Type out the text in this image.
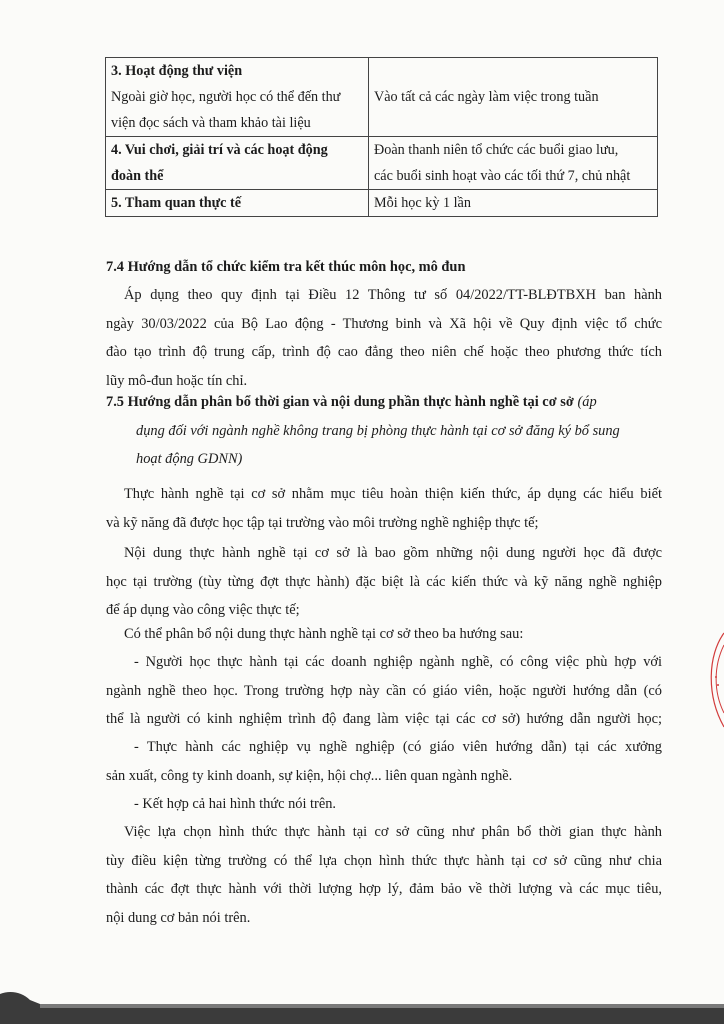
3. Hoạt động thư viện
Ngoài giờ học, người học có thể đến thư
viện đọc sách và tham khảo tài liệu	Vào tất cả các ngày làm việc trong tuần

4. Vui chơi, giải trí và các hoạt động
đoàn thể	Đoàn thanh niên tổ chức các buổi giao lưu,
các buổi sinh hoạt vào các tối thứ 7, chủ nhật

5. Tham quan thực tế	Mỗi học kỳ 1 lần
7.4 Hướng dẫn tổ chức kiểm tra kết thúc môn học, mô đun
Áp dụng theo quy định tại Điều 12 Thông tư số 04/2022/TT-BLĐTBXH ban hành
ngày 30/03/2022 của Bộ Lao động - Thương binh và Xã hội về Quy định việc tổ chức
đào tạo trình độ trung cấp, trình độ cao đẳng theo niên chế hoặc theo phương thức tích
lũy mô-đun hoặc tín chỉ.
7.5 Hướng dẫn phân bổ thời gian và nội dung phần thực hành nghề tại cơ sở (áp
dụng đối với ngành nghề không trang bị phòng thực hành tại cơ sở đăng ký bổ sung
hoạt động GDNN)
Thực hành nghề tại cơ sở nhằm mục tiêu hoàn thiện kiến thức, áp dụng các hiểu biết
và kỹ năng đã được học tập tại trường vào môi trường nghề nghiệp thực tế;
Nội dung thực hành nghề tại cơ sở là bao gồm những nội dung người học đã được
học tại trường (tùy từng đợt thực hành) đặc biệt là các kiến thức và kỹ năng nghề nghiệp
để áp dụng vào công việc thực tế;
Có thể phân bổ nội dung thực hành nghề tại cơ sở theo ba hướng sau:
- Người học thực hành tại các doanh nghiệp ngành nghề, có công việc phù hợp với
ngành nghề theo học. Trong trường hợp này cần có giáo viên, hoặc người hướng dẫn (có
thể là người có kinh nghiệm trình độ đang làm việc tại các cơ sở) hướng dẫn người học;
- Thực hành các nghiệp vụ nghề nghiệp (có giáo viên hướng dẫn) tại các xưởng
sản xuất, công ty kinh doanh, sự kiện, hội chợ... liên quan ngành nghề.
- Kết hợp cả hai hình thức nói trên.
Việc lựa chọn hình thức thực hành tại cơ sở cũng như phân bổ thời gian thực hành
tùy điều kiện từng trường có thể lựa chọn hình thức thực hành tại cơ sở cũng như chia
thành các đợt thực hành với thời lượng hợp lý, đảm bảo về thời lượng và các mục tiêu,
nội dung cơ bản nói trên.
